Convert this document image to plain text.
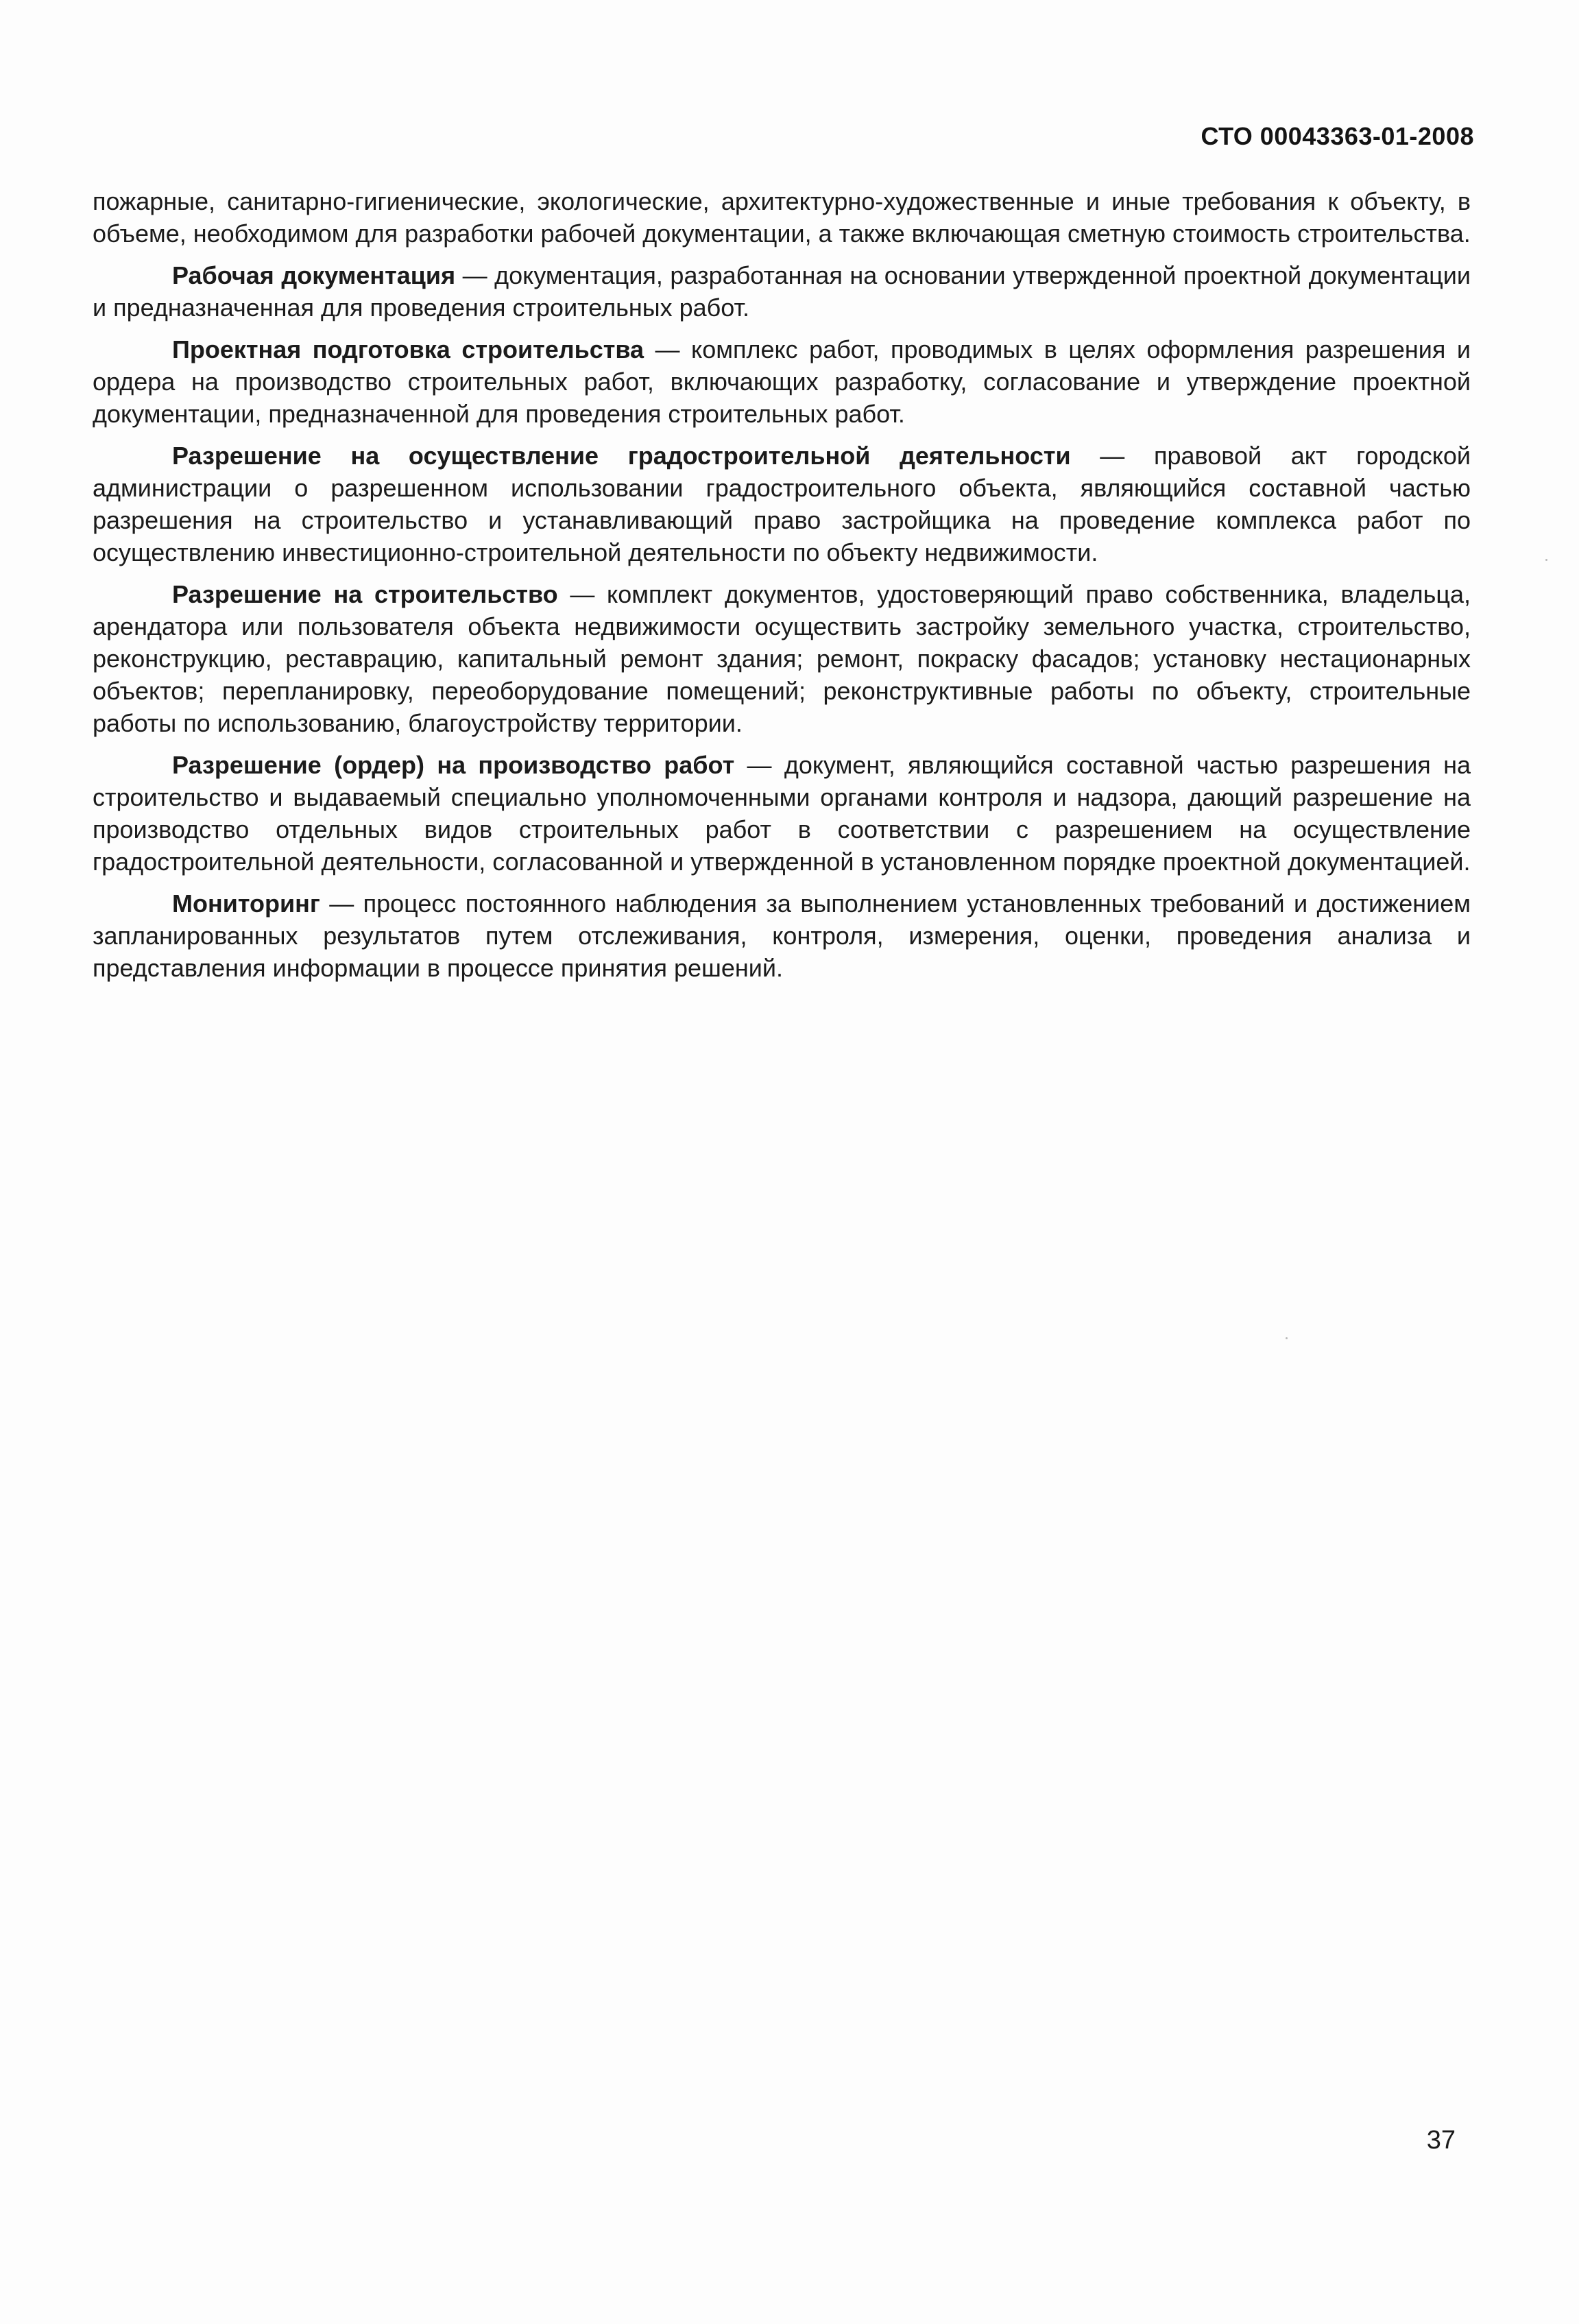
СТО 00043363-01-2008

пожарные, санитарно-гигиенические, экологические, архитектурно-художественные и иные требования к объекту, в объеме, необходимом для разработки рабочей документации, а также включающая сметную стоимость строительства.

Рабочая документация — документация, разработанная на основании утвержденной проектной документации и предназначенная для проведения строительных работ.

Проектная подготовка строительства — комплекс работ, проводимых в целях оформления разрешения и ордера на производство строительных работ, включающих разработку, согласование и утверждение проектной документации, предназначенной для проведения строительных работ.

Разрешение на осуществление градостроительной деятельности — правовой акт городской администрации о разрешенном использовании градостроительного объекта, являющийся составной частью разрешения на строительство и устанавливающий право застройщика на проведение комплекса работ по осуществлению инвестиционно-строительной деятельности по объекту недвижимости.

Разрешение на строительство — комплект документов, удостоверяющий право собственника, владельца, арендатора или пользователя объекта недвижимости осуществить застройку земельного участка, строительство, реконструкцию, реставрацию, капитальный ремонт здания; ремонт, покраску фасадов; установку нестационарных объектов; перепланировку, переоборудование помещений; реконструктивные работы по объекту, строительные работы по использованию, благоустройству территории.

Разрешение (ордер) на производство работ — документ, являющийся составной частью разрешения на строительство и выдаваемый специально уполномоченными органами контроля и надзора, дающий разрешение на производство отдельных видов строительных работ в соответствии с разрешением на осуществление градостроительной деятельности, согласованной и утвержденной в установленном порядке проектной документацией.

Мониторинг — процесс постоянного наблюдения за выполнением установленных требований и достижением запланированных результатов путем отслеживания, контроля, измерения, оценки, проведения анализа и представления информации в процессе принятия решений.

37
